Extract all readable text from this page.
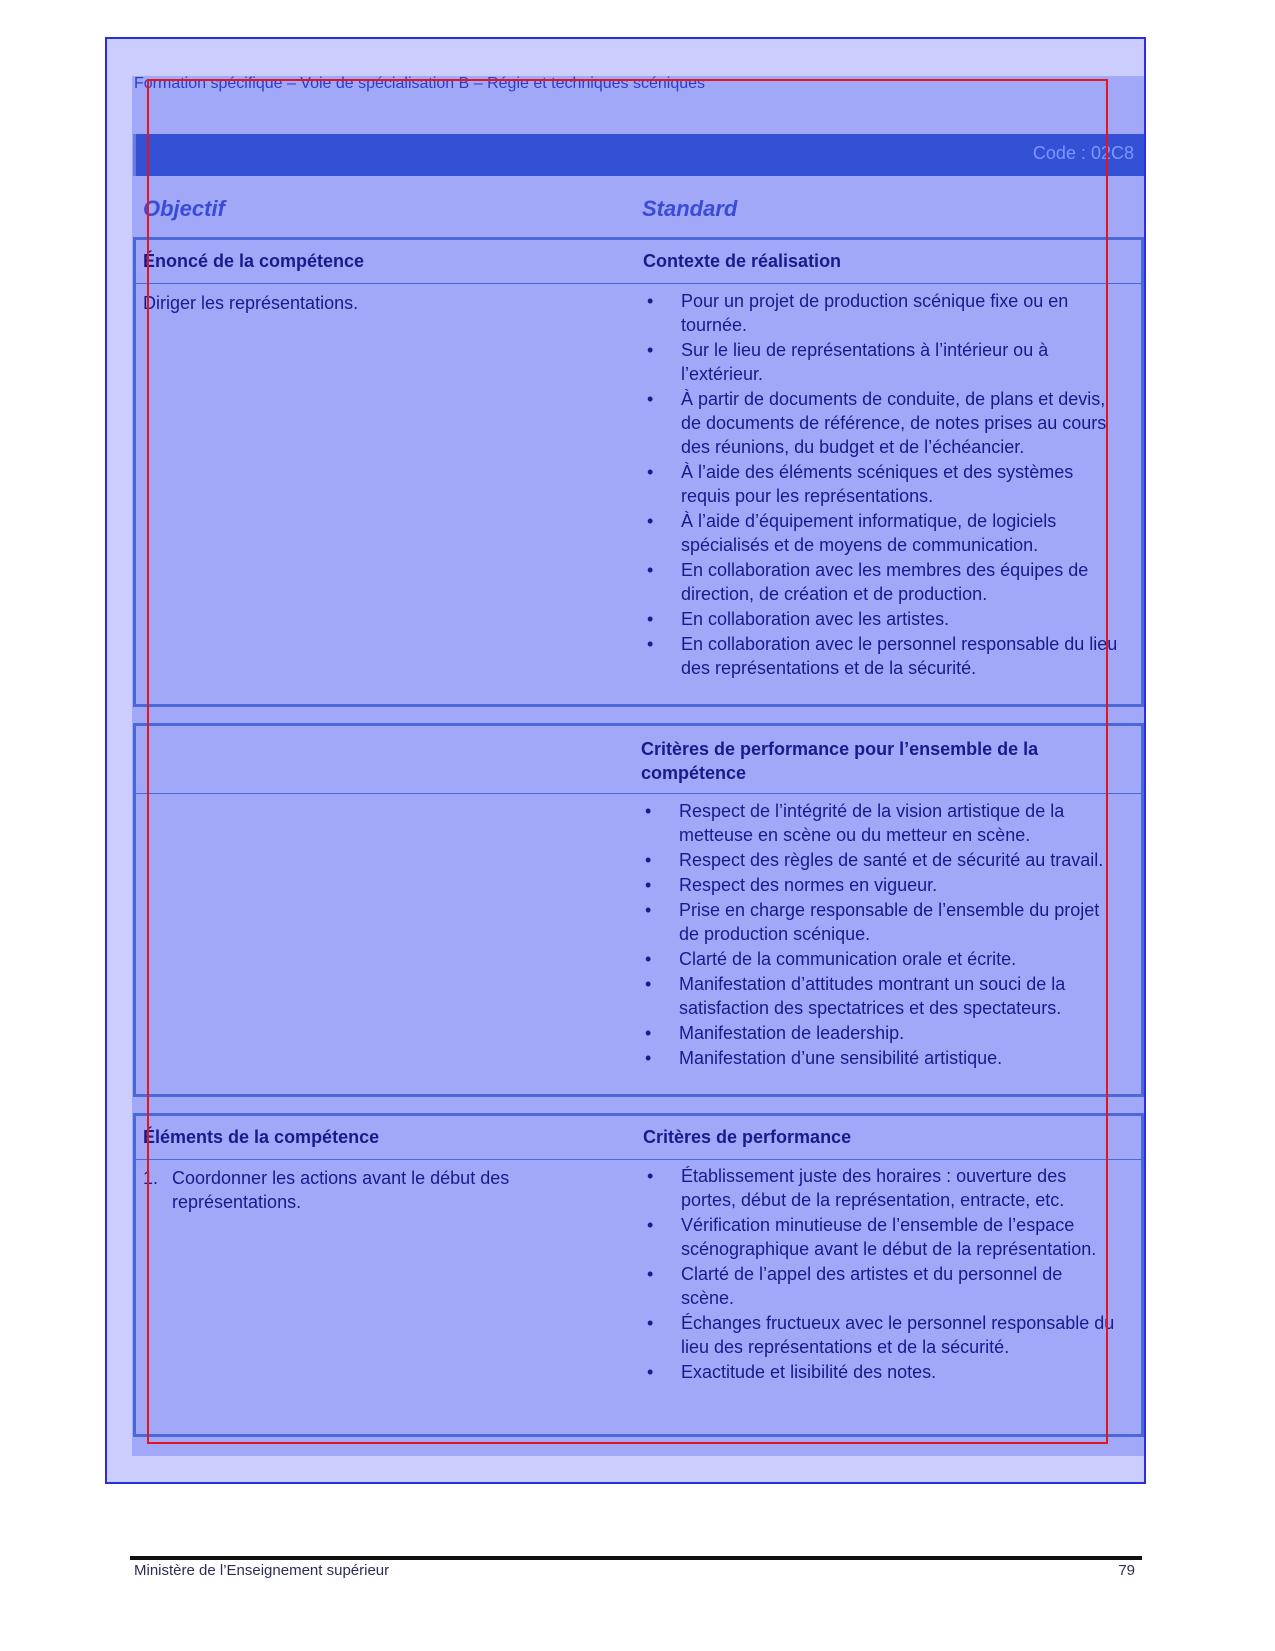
Formation spécifique – Voie de spécialisation B – Régie et techniques scéniques
Code : 02C8
Objectif	Standard
Énoncé de la compétence	Contexte de réalisation
Diriger les représentations.
•	Pour un projet de production scénique fixe ou en tournée.
• Sur le lieu de représentations à l’intérieur ou à l’extérieur.
• À partir de documents de conduite, de plans et devis, de documents de référence, de notes prises au cours des réunions, du budget et de l’échéancier.
• À l’aide des éléments scéniques et des systèmes requis pour les représentations.
• À l’aide d’équipement informatique, de logiciels spécialisés et de moyens de communication.
• En collaboration avec les membres des équipes de direction, de création et de production.
• En collaboration avec les artistes.
• En collaboration avec le personnel responsable du lieu des représentations et de la sécurité.
Critères de performance pour l’ensemble de la compétence
• Respect de l’intégrité de la vision artistique de la metteuse en scène ou du metteur en scène.
• Respect des règles de santé et de sécurité au travail.
• Respect des normes en vigueur.
• Prise en charge responsable de l’ensemble du projet de production scénique.
• Clarté de la communication orale et écrite.
• Manifestation d’attitudes montrant un souci de la satisfaction des spectatrices et des spectateurs.
• Manifestation de leadership.
• Manifestation d’une sensibilité artistique.
Éléments de la compétence	Critères de performance
1. Coordonner les actions avant le début des représentations.
• Établissement juste des horaires : ouverture des portes, début de la représentation, entracte, etc.
• Vérification minutieuse de l’ensemble de l’espace scénographique avant le début de la représentation.
• Clarté de l’appel des artistes et du personnel de scène.
• Échanges fructueux avec le personnel responsable du lieu des représentations et de la sécurité.
• Exactitude et lisibilité des notes.
Ministère de l’Enseignement supérieur	79
